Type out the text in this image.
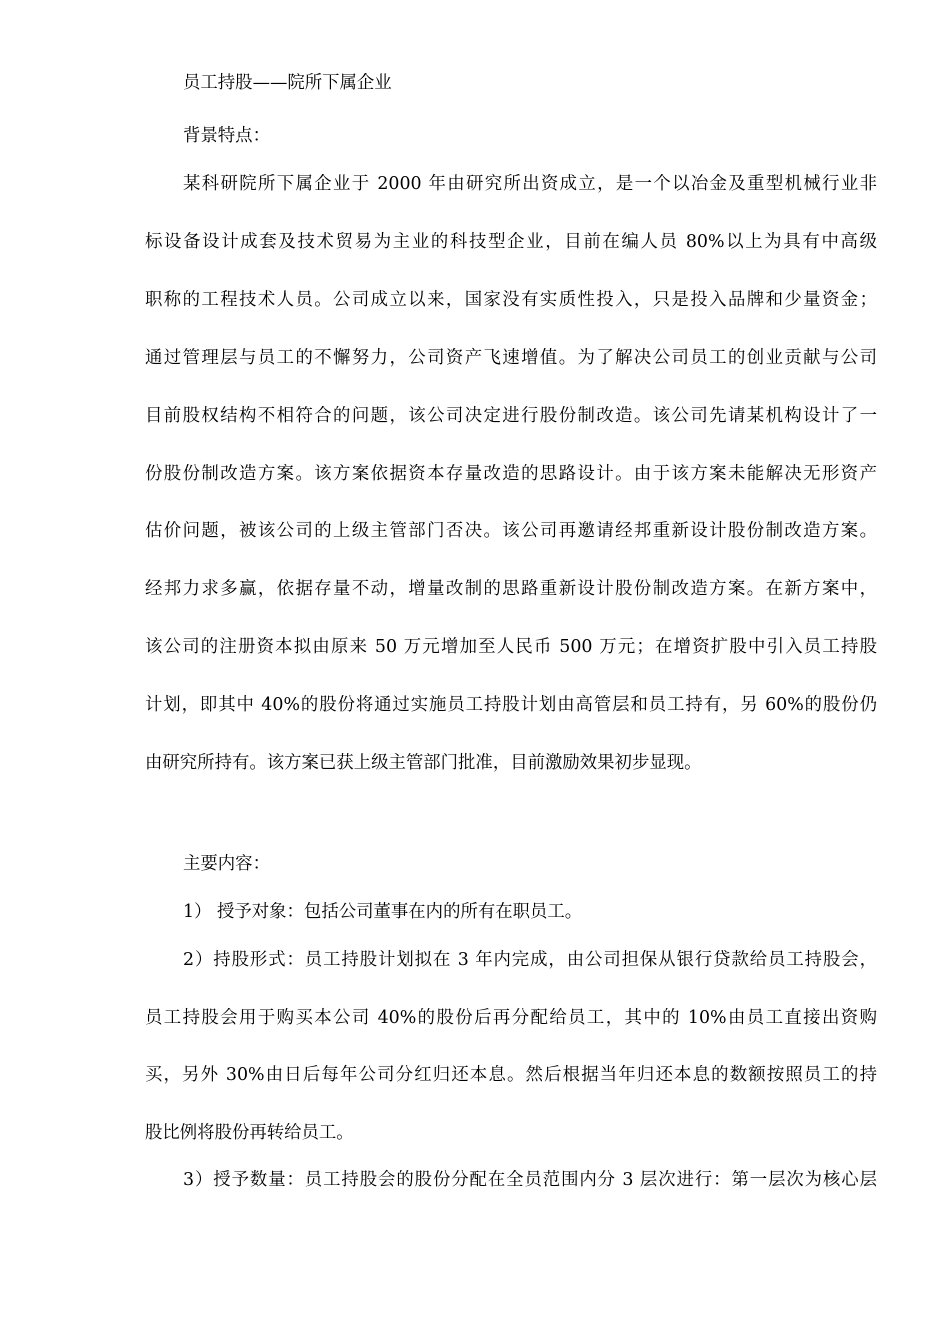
员工持股——院所下属企业
背景特点：
某科研院所下属企业于 2000 年由研究所出资成立，是一个以冶金及重型机械行业非
标设备设计成套及技术贸易为主业的科技型企业，目前在编人员 80%以上为具有中高级
职称的工程技术人员。公司成立以来，国家没有实质性投入，只是投入品牌和少量资金；
通过管理层与员工的不懈努力，公司资产飞速增值。为了解决公司员工的创业贡献与公司
目前股权结构不相符合的问题，该公司决定进行股份制改造。该公司先请某机构设计了一
份股份制改造方案。该方案依据资本存量改造的思路设计。由于该方案未能解决无形资产
估价问题，被该公司的上级主管部门否决。该公司再邀请经邦重新设计股份制改造方案。
经邦力求多赢，依据存量不动，增量改制的思路重新设计股份制改造方案。在新方案中，
该公司的注册资本拟由原来 50 万元增加至人民币 500 万元；在增资扩股中引入员工持股
计划，即其中 40%的股份将通过实施员工持股计划由高管层和员工持有，另 60%的股份仍
由研究所持有。该方案已获上级主管部门批准，目前激励效果初步显现。
主要内容：
1） 授予对象：包括公司董事在内的所有在职员工。
2）持股形式：员工持股计划拟在 3 年内完成，由公司担保从银行贷款给员工持股会，
员工持股会用于购买本公司 40%的股份后再分配给员工，其中的 10%由员工直接出资购
买，另外 30%由日后每年公司分红归还本息。然后根据当年归还本息的数额按照员工的持
股比例将股份再转给员工。
3）授予数量：员工持股会的股份分配在全员范围内分 3 层次进行：第一层次为核心层
